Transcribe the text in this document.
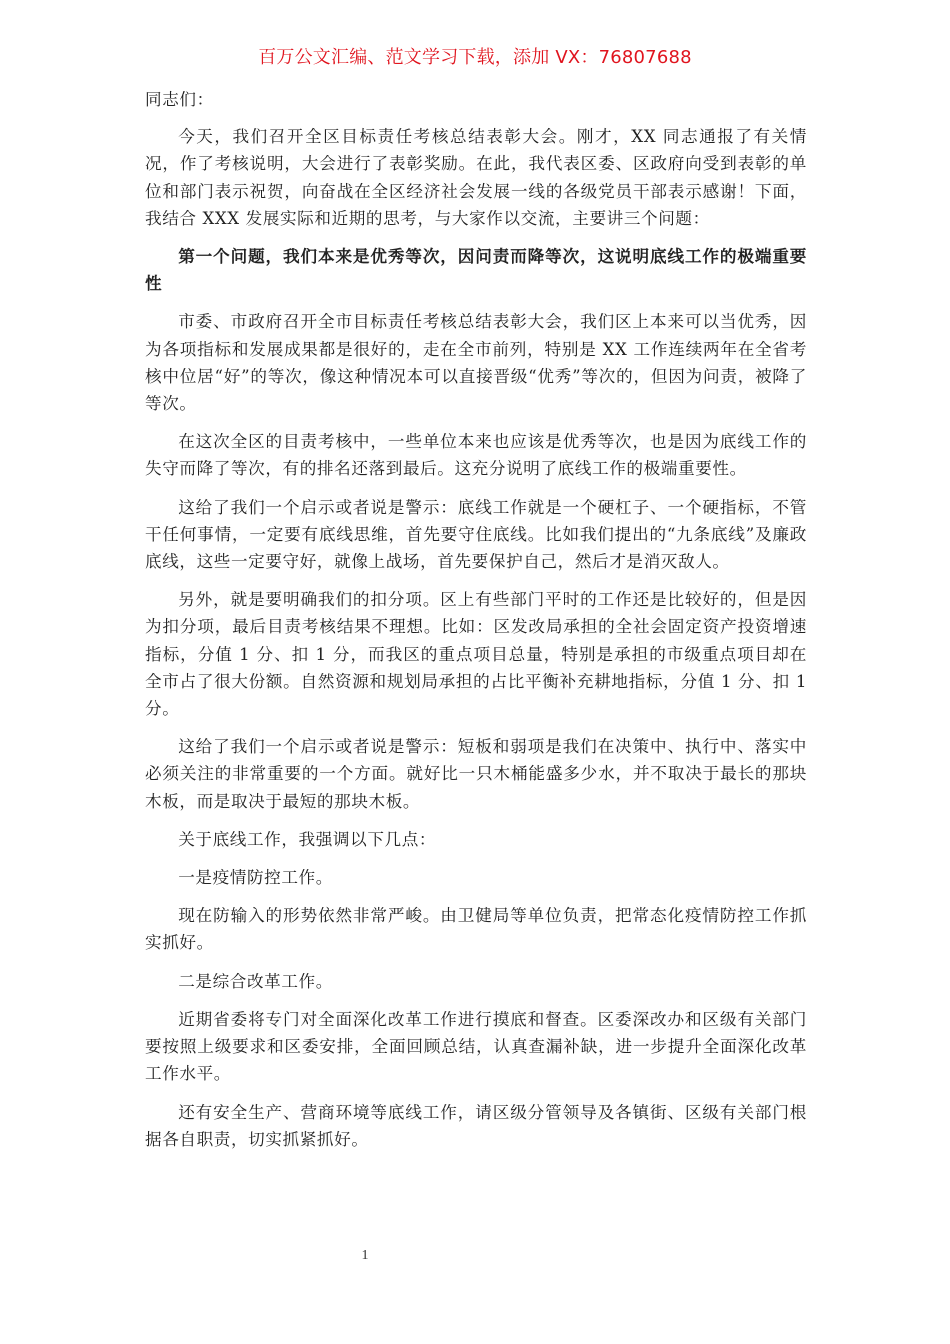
百万公文汇编、范文学习下载，添加 VX：76807688

同志们：

今天，我们召开全区目标责任考核总结表彰大会。刚才，XX 同志通报了有关情况，作了考核说明，大会进行了表彰奖励。在此，我代表区委、区政府向受到表彰的单位和部门表示祝贺，向奋战在全区经济社会发展一线的各级党员干部表示感谢！下面，我结合 XXX 发展实际和近期的思考，与大家作以交流，主要讲三个问题：

第一个问题，我们本来是优秀等次，因问责而降等次，这说明底线工作的极端重要性

市委、市政府召开全市目标责任考核总结表彰大会，我们区上本来可以当优秀，因为各项指标和发展成果都是很好的，走在全市前列，特别是 XX 工作连续两年在全省考核中位居“好”的等次，像这种情况本可以直接晋级“优秀”等次的，但因为问责，被降了等次。

在这次全区的目责考核中，一些单位本来也应该是优秀等次，也是因为底线工作的失守而降了等次，有的排名还落到最后。这充分说明了底线工作的极端重要性。

这给了我们一个启示或者说是警示：底线工作就是一个硬杠子、一个硬指标，不管干任何事情，一定要有底线思维，首先要守住底线。比如我们提出的“九条底线”及廉政底线，这些一定要守好，就像上战场，首先要保护自己，然后才是消灭敌人。

另外，就是要明确我们的扣分项。区上有些部门平时的工作还是比较好的，但是因为扣分项，最后目责考核结果不理想。比如：区发改局承担的全社会固定资产投资增速指标，分值 1 分、扣 1 分，而我区的重点项目总量，特别是承担的市级重点项目却在全市占了很大份额。自然资源和规划局承担的占比平衡补充耕地指标，分值 1 分、扣 1 分。

这给了我们一个启示或者说是警示：短板和弱项是我们在决策中、执行中、落实中必须关注的非常重要的一个方面。就好比一只木桶能盛多少水，并不取决于最长的那块木板，而是取决于最短的那块木板。

关于底线工作，我强调以下几点：

一是疫情防控工作。

现在防输入的形势依然非常严峻。由卫健局等单位负责，把常态化疫情防控工作抓实抓好。

二是综合改革工作。

近期省委将专门对全面深化改革工作进行摸底和督查。区委深改办和区级有关部门要按照上级要求和区委安排，全面回顾总结，认真查漏补缺，进一步提升全面深化改革工作水平。

还有安全生产、营商环境等底线工作，请区级分管领导及各镇街、区级有关部门根据各自职责，切实抓紧抓好。

1
